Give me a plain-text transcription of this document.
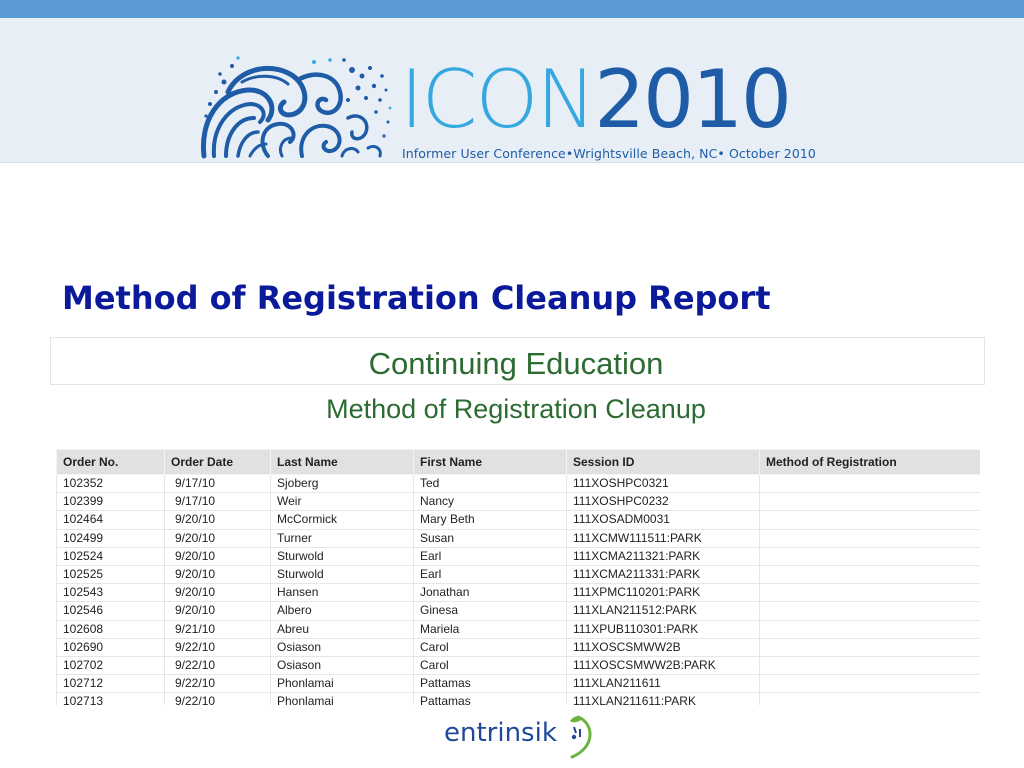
ICON2010
Informer User Conference•Wrightsville Beach, NC• October 2010
Method of Registration Cleanup Report
Continuing Education
Method of Registration Cleanup
Order No.	Order Date	Last Name	First Name	Session ID	Method of Registration
102352	9/17/10	Sjoberg	Ted	111XOSHPC0321	
102399	9/17/10	Weir	Nancy	111XOSHPC0232	
102464	9/20/10	McCormick	Mary Beth	111XOSADM0031	
102499	9/20/10	Turner	Susan	111XCMW111511:PARK	
102524	9/20/10	Sturwold	Earl	111XCMA211321:PARK	
102525	9/20/10	Sturwold	Earl	111XCMA211331:PARK	
102543	9/20/10	Hansen	Jonathan	111XPMC110201:PARK	
102546	9/20/10	Albero	Ginesa	111XLAN211512:PARK	
102608	9/21/10	Abreu	Mariela	111XPUB110301:PARK	
102690	9/22/10	Osiason	Carol	111XOSCSMWW2B	
102702	9/22/10	Osiason	Carol	111XOSCSMWW2B:PARK	
102712	9/22/10	Phonlamai	Pattamas	111XLAN211611	
102713	9/22/10	Phonlamai	Pattamas	111XLAN211611:PARK	
entrinsik
